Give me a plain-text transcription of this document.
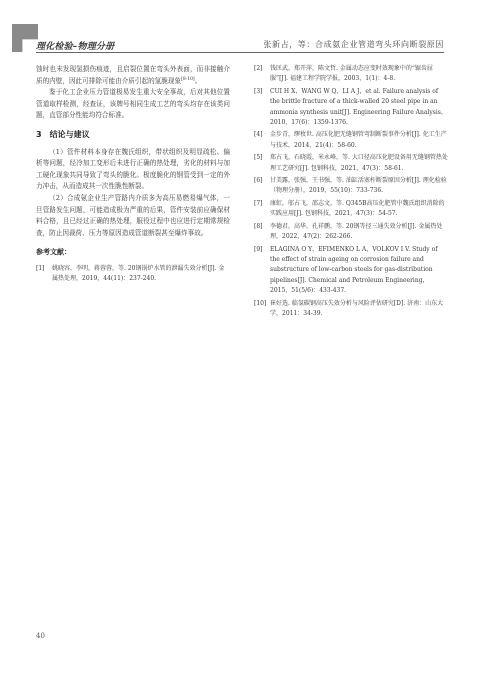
理化检验–物理分册	张新占，等：合成氨企业管道弯头环向断裂原因

蚀时也未发现氢损伤痕迹，且启裂位置在弯头外表面，而非接触介质的内壁，因此可排除可能由介质引起的氢脆现象[8-10]。

鉴于化工企业压力管道极易发生重大安全事故，后对其他位置管道取样检测，经查证，该牌号相同生成工艺的弯头均存在该类问题，直管部分性能均符合标准。

3　结论与建议

（1）管件材料本身存在魏氏组织，带状组织及明显疏松、偏析等问题，经冷加工变形后未进行正确的热处理，劣化的材料与加工硬化现象共同导致了弯头的脆化。极度脆化的钢管受到一定的外力冲击，从而造成其一次性脆性断裂。

（2）合成氨企业生产管路内介质多为高压易燃易爆气体，一旦管路发生问题，可能造成极为严重的后果，管件安装前应确保材料合格，且已经过正确的热处理，服役过程中也应进行定期常规检查，防止因裁荷、压力等原因造成管道断裂甚至爆炸事故。

参考文献：
[1] 姚晓容，李明，蒋蓉蓉，等. 20钢锅炉水管的泄漏失效分析[J]. 金属热处理，2019，44(11)：237-240.
[2] 钱匡武，郑开萍，陈文哲. 金属动态应变时效现象中的“锯齿屈服”[J]. 福建工程学院学报，2003，1(1)：4-8.
[3] CUI H X，WANG W Q，LI A J，et al. Failure analysis of the brittle fracture of a thick-walled 20 steel pipe in an ammonia synthesis unit[J]. Engineering Failure Analysis，2010，17(6)：1359-1376.
[4] 金步青，缪枚世. 高压化肥无缝钢管弯制断裂事件分析[J]. 化工生产与技术，2014，21(4)：58-60.
[5] 郑占飞，石晓霞，米永峰，等. 大口径高压化肥设备用无缝钢管热处理工艺研究[J]. 包钢科技，2021，47(3)：58-61.
[6] 甘美露，张强，王书强，等. 油缸活塞杆断裂原因分析[J]. 理化检验（物理分册），2019，55(10)：733-736.
[7] 康虹，邬占飞，邵志文，等. Q345B高压化肥管中魏氏组织消除的实践应用[J]. 包钢科技，2021，47(3)：54-57.
[8] 李德君，高华，孔祥鹏，等. 20钢等径三通失效分析[J]. 金属热处理，2022，47(2)：262-266.
[9] ELAGINA O Y，EFIMENKO L A，VOLKOV I V. Study of the effect of strain ageing on corrosion failure and substructure of low-carbon steels for gas-distribution pipelines[J]. Chemical and Petroleum Engineering，2015，51(5/6)：433-437.
[10] 崔好选. 临氢碳钢高压失效分析与风险评估研究[D]. 济南：山东大学，2011：34-39.
40
